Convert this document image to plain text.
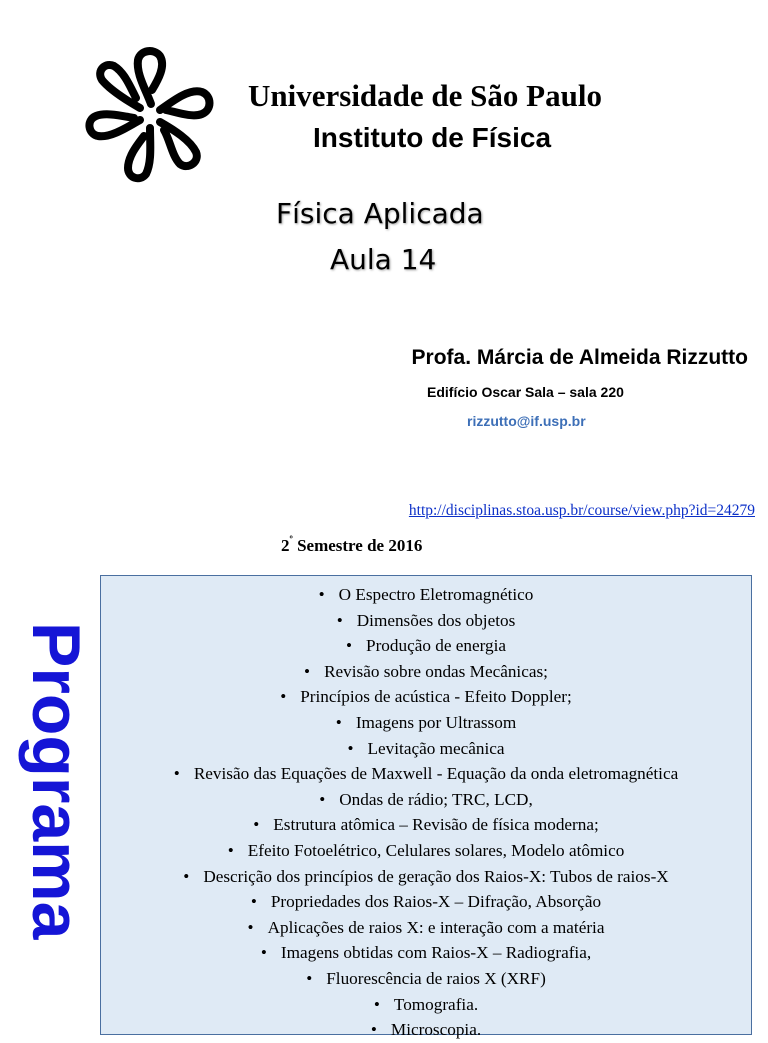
Universidade de São Paulo
Instituto de Física
Física Aplicada
Aula 14
Profa. Márcia de Almeida Rizzutto
Edifício Oscar Sala – sala 220
rizzutto@if.usp.br
http://disciplinas.stoa.usp.br/course/view.php?id=24279
$2^º$ Semestre de 2016
Programa
• O Espectro Eletromagnético
• Dimensões dos objetos
• Produção de energia
• Revisão sobre ondas Mecânicas;
• Princípios de acústica - Efeito Doppler;
• Imagens por Ultrassom
• Levitação mecânica
• Revisão das Equações de Maxwell - Equação da onda eletromagnética
• Ondas de rádio; TRC, LCD,
• Estrutura atômica – Revisão de física moderna;
• Efeito Fotoelétrico, Celulares solares, Modelo atômico
• Descrição dos princípios de geração dos Raios-X: Tubos de raios-X
• Propriedades dos Raios-X – Difração, Absorção
• Aplicações de raios X: e interação com a matéria
• Imagens obtidas com Raios-X – Radiografia,
• Fluorescência de raios X (XRF)
• Tomografia.
• Microscopia.
